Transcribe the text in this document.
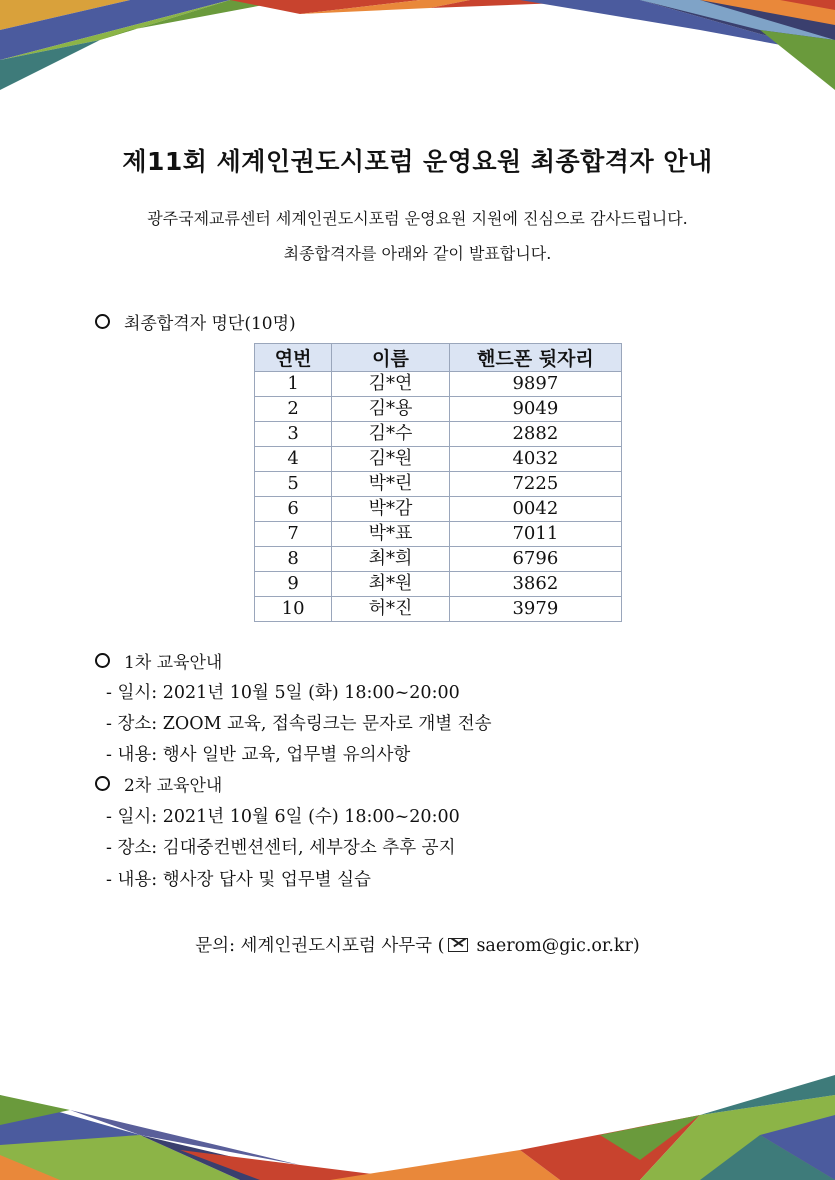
제11회 세계인권도시포럼 운영요원 최종합격자 안내
광주국제교류센터 세계인권도시포럼 운영요원 지원에 진심으로 감사드립니다.
최종합격자를 아래와 같이 발표합니다.
최종합격자 명단(10명)
연번	이름	핸드폰 뒷자리
1	김*연	9897
2	김*용	9049
3	김*수	2882
4	김*원	4032
5	박*린	7225
6	박*감	0042
7	박*표	7011
8	최*희	6796
9	최*원	3862
10	허*진	3979
1차 교육안내
- 일시: 2021년 10월 5일 (화) 18:00~20:00
- 장소: ZOOM 교육, 접속링크는 문자로 개별 전송
- 내용: 행사 일반 교육, 업무별 유의사항
2차 교육안내
- 일시: 2021년 10월 6일 (수) 18:00~20:00
- 장소: 김대중컨벤션센터, 세부장소 추후 공지
- 내용: 행사장 답사 및 업무별 실습
문의: 세계인권도시포럼 사무국 ( saerom@gic.or.kr)
